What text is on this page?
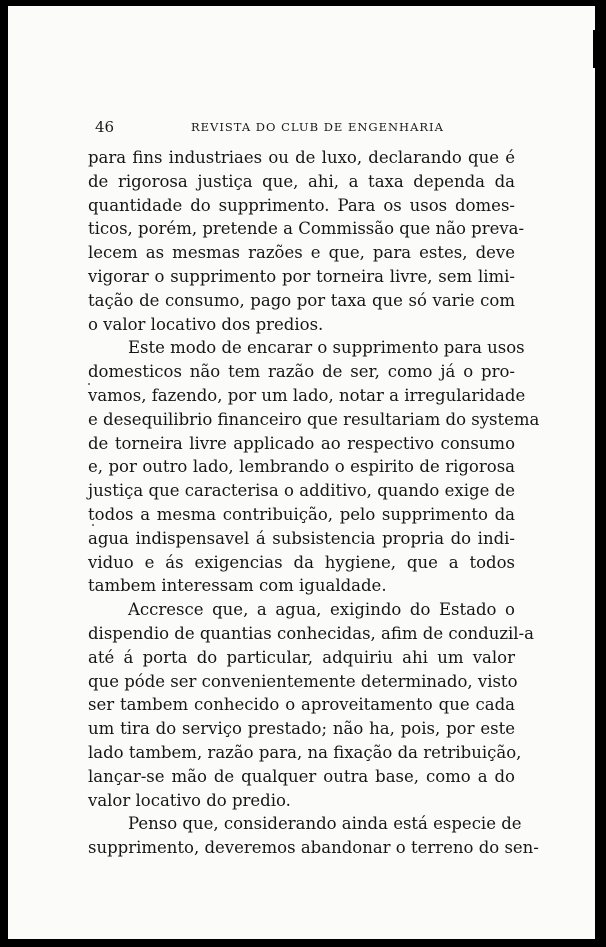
46	REVISTA DO CLUB DE ENGENHARIA
para fins industriaes ou de luxo, declarando que é
de rigorosa justiça que, ahi, a taxa dependa da
quantidade do supprimento. Para os usos domes-
ticos, porém, pretende a Commissão que não preva-
lecem as mesmas razões e que, para estes, deve
vigorar o supprimento por torneira livre, sem limi-
tação de consumo, pago por taxa que só varie com
o valor locativo dos predios.
Este modo de encarar o supprimento para usos
domesticos não tem razão de ser, como já o pro-
vamos, fazendo, por um lado, notar a irregularidade
e desequilibrio financeiro que resultariam do systema
de torneira livre applicado ao respectivo consumo
e, por outro lado, lembrando o espirito de rigorosa
justiça que caracterisa o additivo, quando exige de
todos a mesma contribuição, pelo supprimento da
agua indispensavel á subsistencia propria do indi-
viduo e ás exigencias da hygiene, que a todos
tambem interessam com igualdade.
Accresce que, a agua, exigindo do Estado o
dispendio de quantias conhecidas, afim de conduzil-a
até á porta do particular, adquiriu ahi um valor
que póde ser convenientemente determinado, visto
ser tambem conhecido o aproveitamento que cada
um tira do serviço prestado; não ha, pois, por este
lado tambem, razão para, na fixação da retribuição,
lançar-se mão de qualquer outra base, como a do
valor locativo do predio.
Penso que, considerando ainda está especie de
supprimento, deveremos abandonar o terreno do sen-
